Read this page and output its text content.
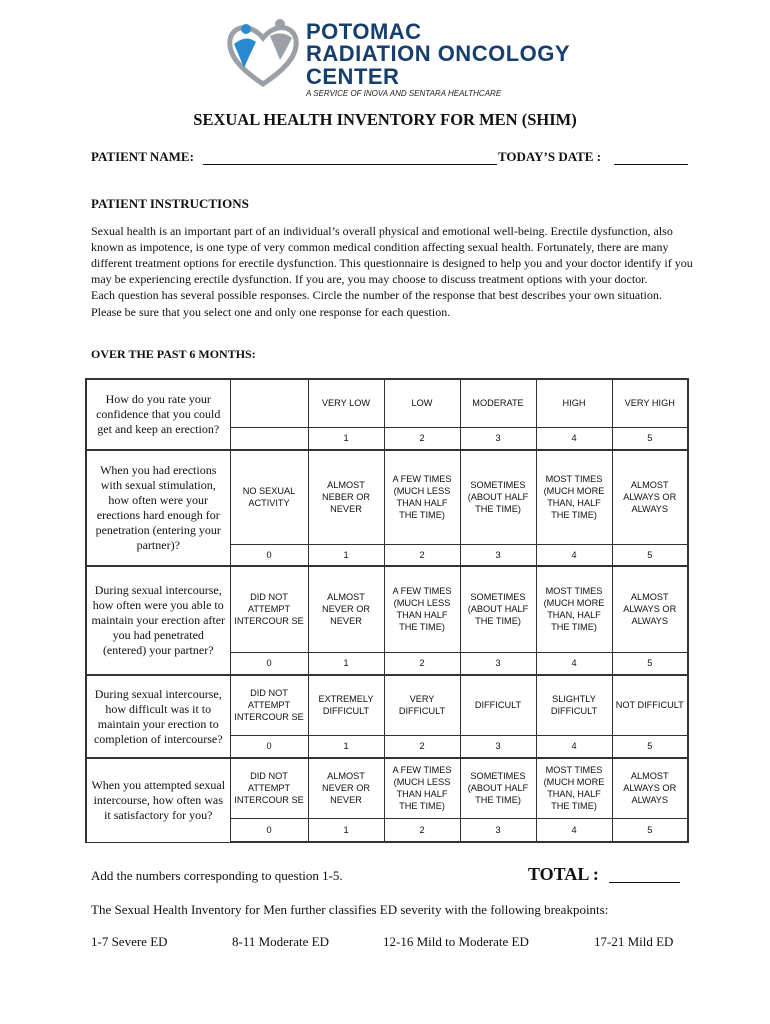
POTOMAC
RADIATION ONCOLOGY
CENTER
A SERVICE OF INOVA AND SENTARA HEALTHCARE
SEXUAL HEALTH INVENTORY FOR MEN (SHIM)
PATIENT NAME:	TODAY’S DATE :
PATIENT INSTRUCTIONS

Sexual health is an important part of an individual’s overall physical and emotional well-being. Erectile dysfunction, also known as impotence, is one type of very common medical condition affecting sexual health. Fortunately, there are many different treatment options for erectile dysfunction. This questionnaire is designed to help you and your doctor identify if you may be experiencing erectile dysfunction. If you are, you may choose to discuss treatment options with your doctor.

Each question has several possible responses. Circle the number of the response that best describes your own situation. Please be sure that you select one and only one response for each question.

OVER THE PAST 6 MONTHS:
How do you rate your confidence that you could get and keep an erection?		VERY LOW	LOW	MODERATE	HIGH	VERY HIGH
		1	2	3	4	5
When you had erections with sexual stimulation, how often were your erections hard enough for penetration (entering your partner)?	NO SEXUAL ACTIVITY	ALMOST NEBER OR NEVER	A FEW TIMES (MUCH LESS THAN HALF THE TIME)	SOMETIMES (ABOUT HALF THE TIME)	MOST TIMES (MUCH MORE THAN, HALF THE TIME)	ALMOST ALWAYS OR ALWAYS
	0	1	2	3	4	5
During sexual intercourse, how often were you able to maintain your erection after you had penetrated (entered) your partner?	DID NOT ATTEMPT INTERCOUR SE	ALMOST NEVER OR NEVER	A FEW TIMES (MUCH LESS THAN HALF THE TIME)	SOMETIMES (ABOUT HALF THE TIME)	MOST TIMES (MUCH MORE THAN, HALF THE TIME)	ALMOST ALWAYS OR ALWAYS
	0	1	2	3	4	5
During sexual intercourse, how difficult was it to maintain your erection to completion of intercourse?	DID NOT ATTEMPT INTERCOUR SE	EXTREMELY DIFFICULT	VERY DIFFICULT	DIFFICULT	SLIGHTLY DIFFICULT	NOT DIFFICULT
	0	1	2	3	4	5
When you attempted sexual intercourse, how often was it satisfactory for you?	DID NOT ATTEMPT INTERCOUR SE	ALMOST NEVER OR NEVER	A FEW TIMES (MUCH LESS THAN HALF THE TIME)	SOMETIMES (ABOUT HALF THE TIME)	MOST TIMES (MUCH MORE THAN, HALF THE TIME)	ALMOST ALWAYS OR ALWAYS
	0	1	2	3	4	5
Add the numbers corresponding to question 1-5.	TOTAL :
The Sexual Health Inventory for Men further classifies ED severity with the following breakpoints:
1-7 Severe ED	8-11 Moderate ED	12-16 Mild to Moderate ED	17-21 Mild ED
